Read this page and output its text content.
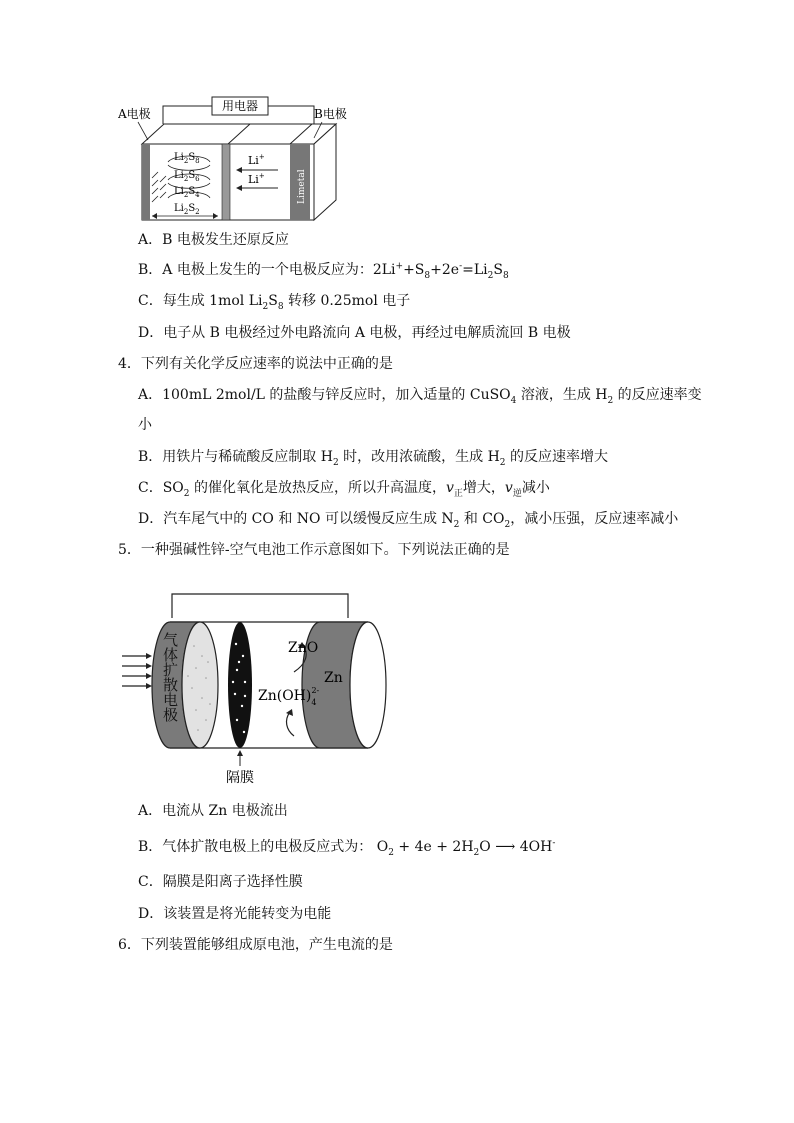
A电极	B电极
用电器
$Li_2S_8$
$Li_2S_6$
$Li_2S_4$
$Li_2S_2$
Li+
Li+	Limetal
A．B 电极发生还原反应
B．A 电极上发生的一个电极反应为：$2Li^++S_8+2e^-=Li_2S_8$
C．每生成 1mol $Li_2S_8$ 转移 0.25mol 电子
D．电子从 B 电极经过外电路流向 A 电极，再经过电解质流回 B 电极
4．下列有关化学反应速率的说法中正确的是
A．100mL 2mol/L 的盐酸与锌反应时，加入适量的 CuSO$_4$ 溶液，生成 $H_2$ 的反应速率变
小
B．用铁片与稀硫酸反应制取 $H_2$ 时，改用浓硫酸，生成 $H_2$ 的反应速率增大
C．$SO_2$ 的催化氧化是放热反应，所以升高温度，$v_正$增大，$v_逆$减小
D．汽车尾气中的 CO 和 NO 可以缓慢反应生成 $N_2$ 和 $CO_2$，减小压强，反应速率减小
5．一种强碱性锌-空气电池工作示意图如下。下列说法正确的是
ZnO
Zn
$Zn(OH)_42-$
隔膜
气体扩散电极
A．电流从 Zn 电极流出
B．气体扩散电极上的电极反应式为： $O_2 + 4e + 2H_2O$ ⟶ 4OH-
C．隔膜是阳离子选择性膜
D．该装置是将光能转变为电能
6．下列装置能够组成原电池，产生电流的是
